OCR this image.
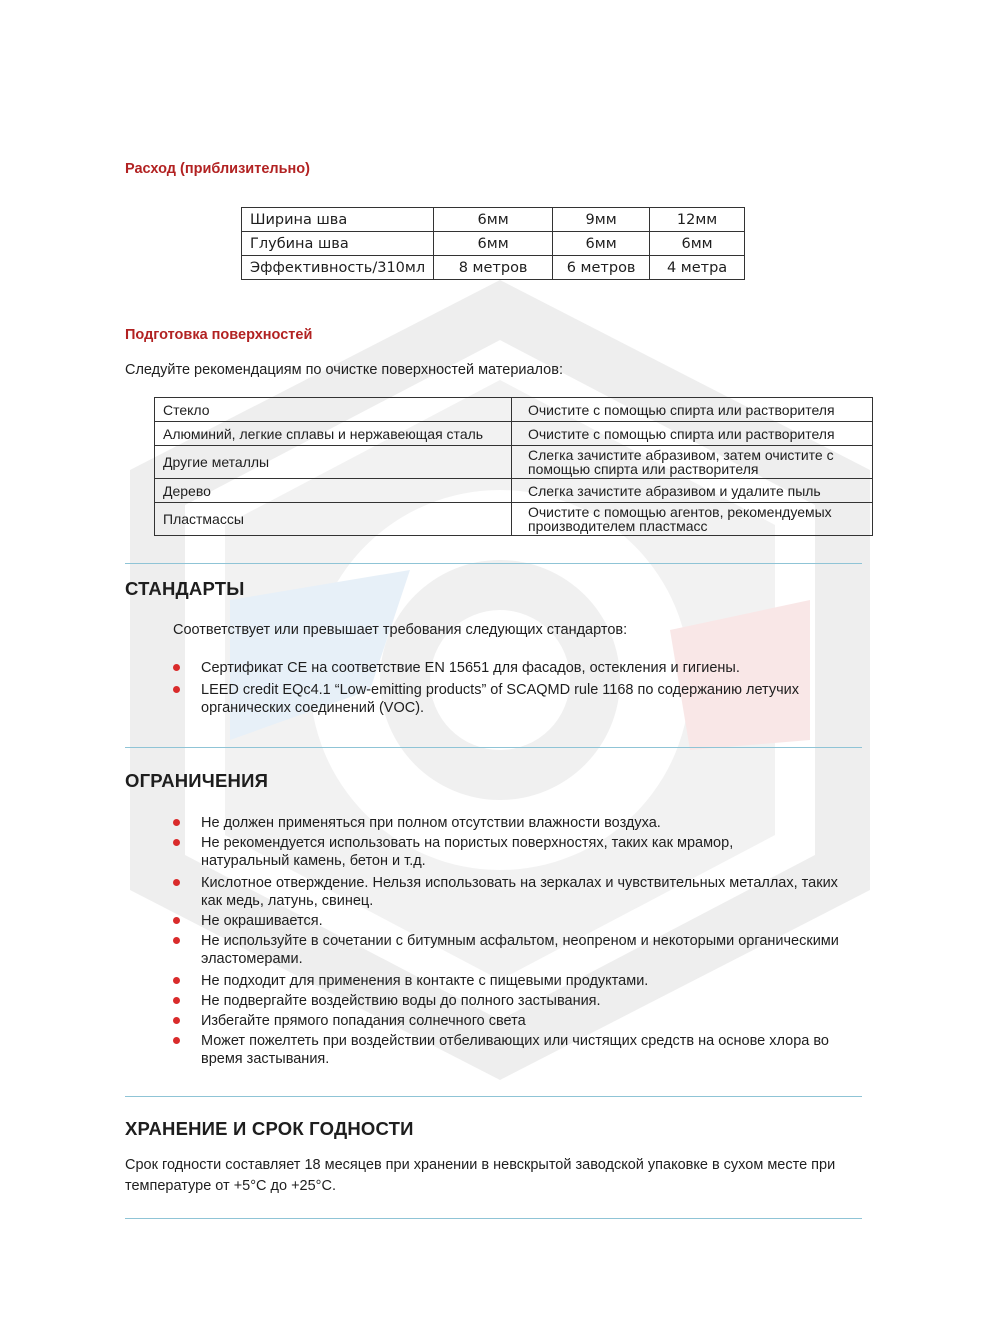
Расход (приблизительно)
Ширина шва	6мм	9мм	12мм
Глубина шва	6мм	6мм	6мм
Эффективность/310мл	8 метров	6 метров	4 метра
Подготовка поверхностей

Следуйте рекомендациям по очистке поверхностей материалов:

Стекло	Очистите с помощью спирта или растворителя
Алюминий, легкие сплавы и нержавеющая сталь	Очистите с помощью спирта или растворителя
Другие металлы	Слегка зачистите абразивом, затем очистите с помощью спирта или растворителя
Дерево	Слегка зачистите абразивом и удалите пыль
Пластмассы	Очистите с помощью агентов, рекомендуемых производителем пластмасс
СТАНДАРТЫ

Соответствует или превышает требования следующих стандартов:

Сертификат CE на соответствие EN 15651 для фасадов, остекления и гигиены.
LEED credit EQc4.1 “Low-emitting products” of SCAQMD rule 1168 по содержанию летучих органических соединений (VOC).
ОГРАНИЧЕНИЯ
Не должен применяться при полном отсутствии влажности воздуха.
Не рекомендуется использовать на пористых поверхностях, таких как мрамор, натуральный камень, бетон и т.д.
Кислотное отверждение. Нельзя использовать на зеркалах и чувствительных металлах, таких как медь, латунь, свинец.
Не окрашивается.
Не используйте в сочетании с битумным асфальтом, неопреном и некоторыми органическими эластомерами.
Не подходит для применения в контакте с пищевыми продуктами.
Не подвергайте воздействию воды до полного застывания.
Избегайте прямого попадания солнечного света
Может пожелтеть при воздействии отбеливающих или чистящих средств на основе хлора во время застывания.
ХРАНЕНИЕ И СРОК ГОДНОСТИ

Срок годности составляет 18 месяцев при хранении в невскрытой заводской упаковке в сухом месте при температуре от +5°С до +25°С.
